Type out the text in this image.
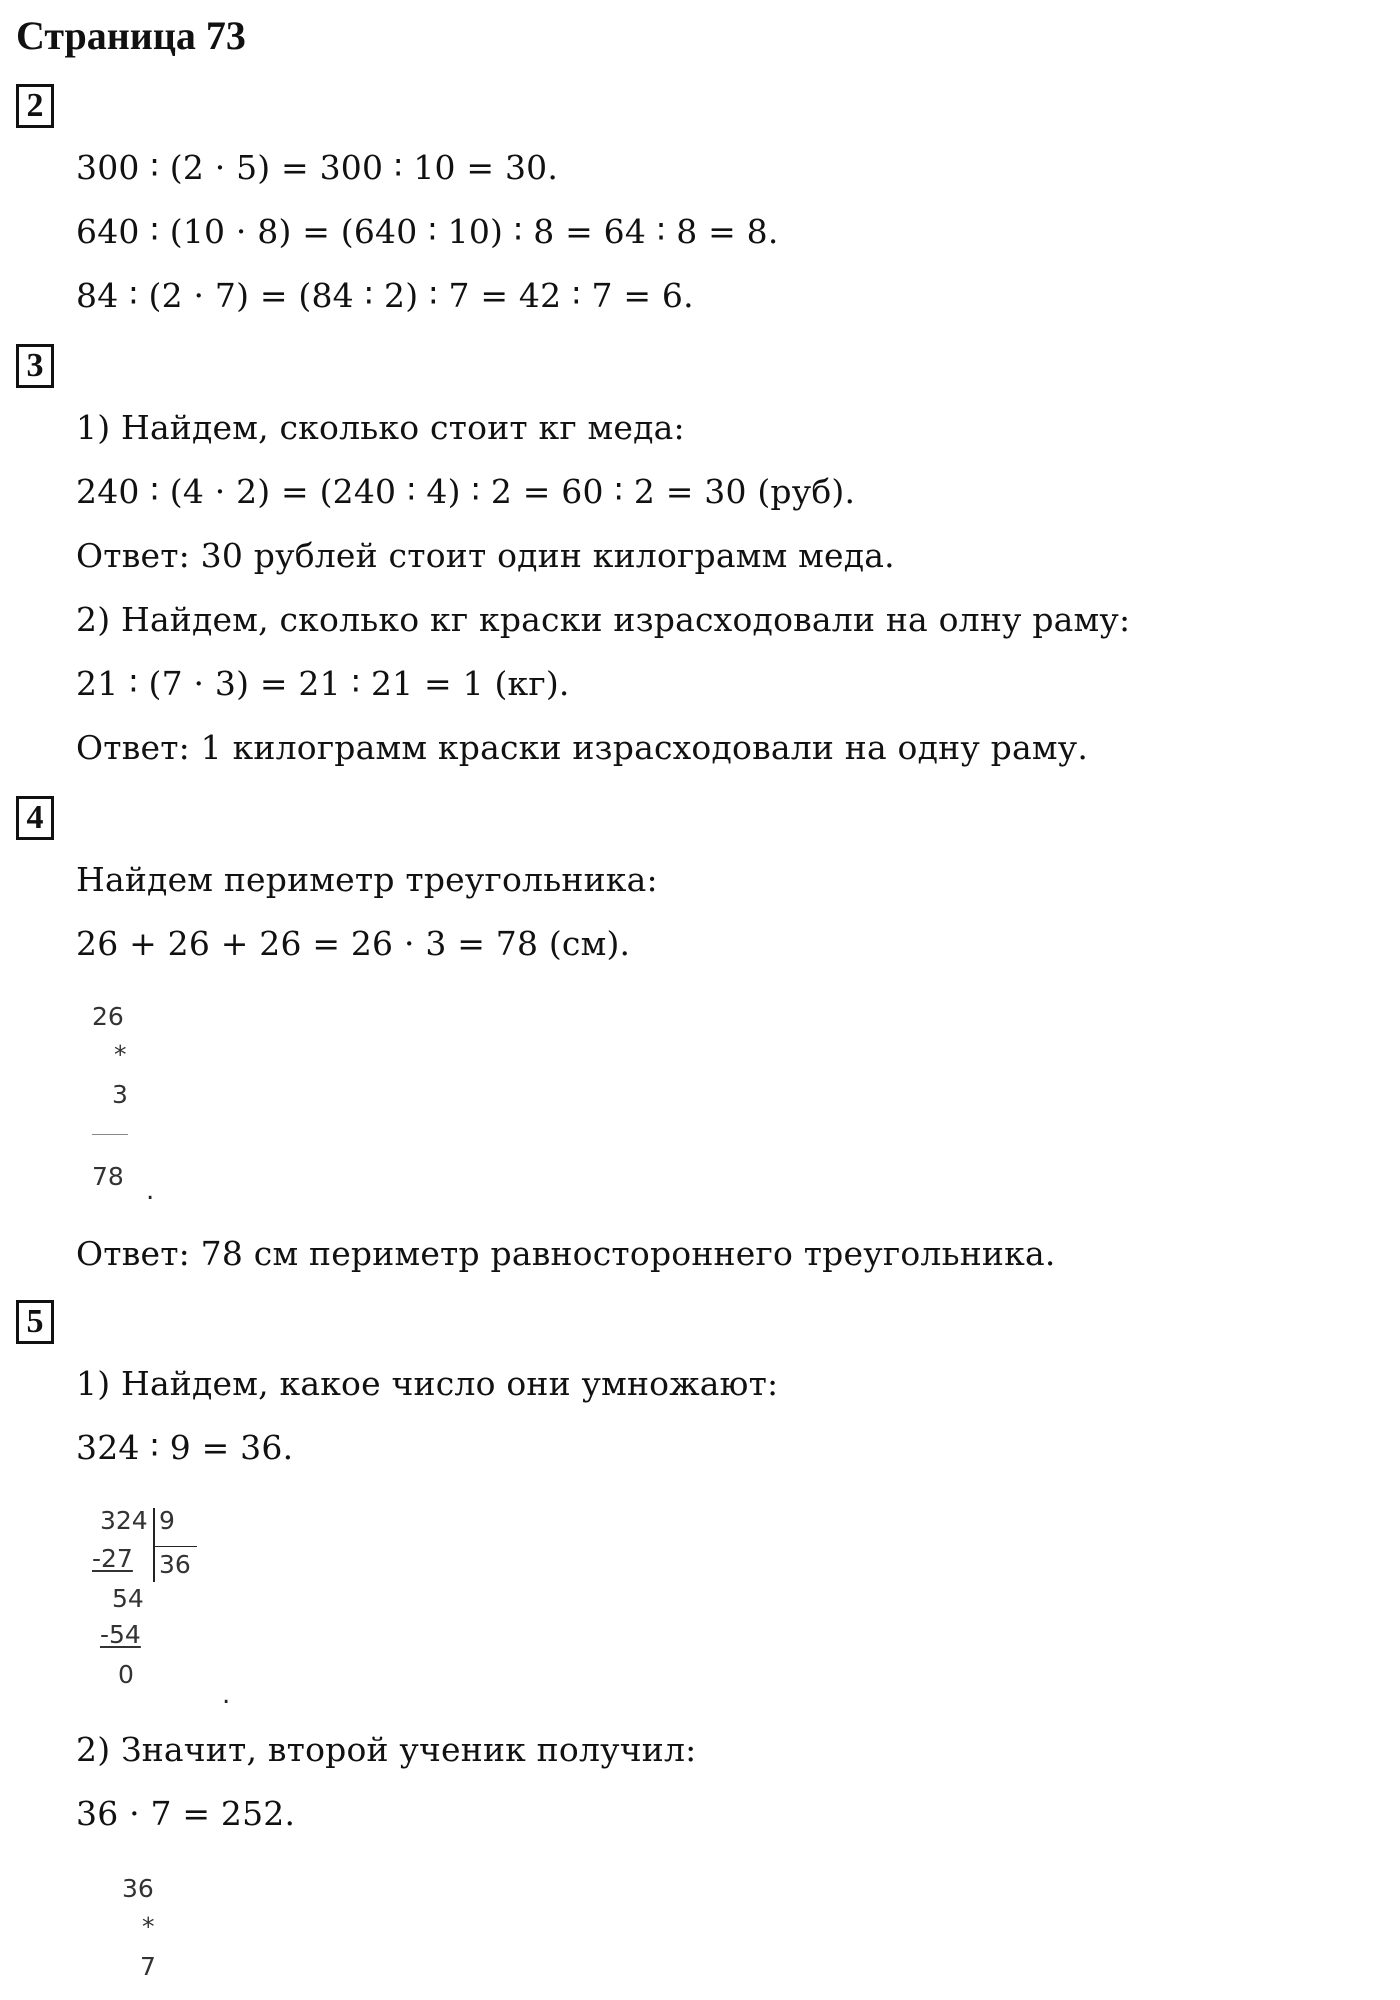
Страница 73
2
300 ∶ (2 · 5) = 300 ∶ 10 = 30.
640 ∶ (10 · 8) = (640 ∶ 10) ∶ 8 = 64 ∶ 8 = 8.
84 ∶ (2 · 7) = (84 ∶ 2) ∶ 7 = 42 ∶ 7 = 6.
3
1) Найдем, сколько стоит кг меда:
240 ∶ (4 · 2) = (240 ∶ 4) ∶ 2 = 60 ∶ 2 = 30 (руб).
Ответ: 30 рублей стоит один килограмм меда.
2) Найдем, сколько кг краски израсходовали на олну раму:
21 ∶ (7 · 3) = 21 ∶ 21 = 1 (кг).
Ответ: 1 килограмм краски израсходовали на одну раму.
4
Найдем периметр треугольника:
26 + 26 + 26 = 26 · 3 = 78 (см).
26
*
3
78 .
Ответ: 78 см периметр равностороннего треугольника.
5
1) Найдем, какое число они умножают:
324 ∶ 9 = 36.
324 9
36
-27
54
-54
0
.
2) Значит, второй ученик получил:
36 · 7 = 252.
36
*
7
